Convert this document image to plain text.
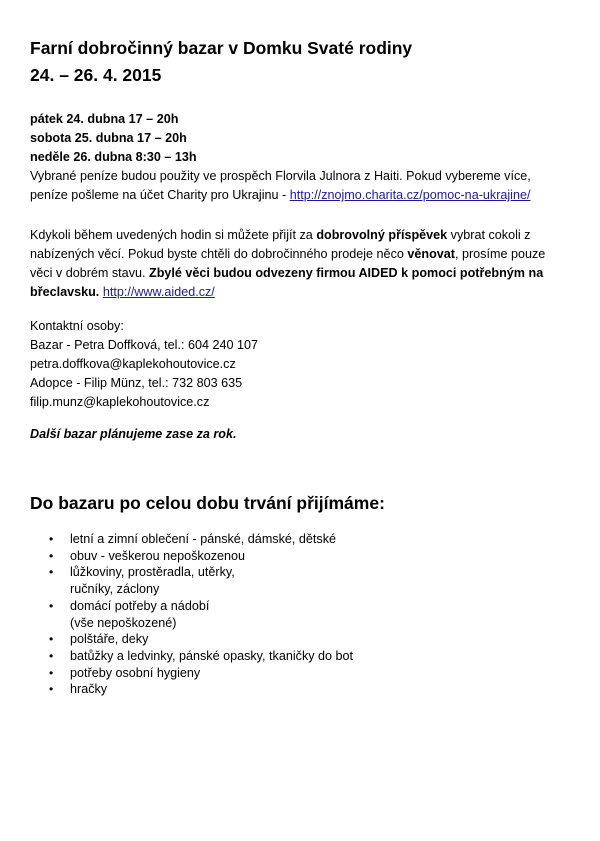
Farní dobročinný bazar v Domku Svaté rodiny
24. – 26. 4. 2015
pátek 24. dubna 17 – 20h
sobota 25. dubna 17 – 20h
neděle 26. dubna 8:30 – 13h

Vybrané peníze budou použity ve prospěch Florvila Julnora z Haiti. Pokud vybereme více, peníze pošleme na účet Charity pro Ukrajinu - http://znojmo.charita.cz/pomoc-na-ukrajine/

Kdykoli během uvedených hodin si můžete přijít za dobrovolný příspěvek vybrat cokoli z nabízených věcí. Pokud byste chtěli do dobročinného prodeje něco věnovat, prosíme pouze věci v dobrém stavu. Zbylé věci budou odvezeny firmou AIDED k pomoci potřebným na břeclavsku. http://www.aided.cz/

Kontaktní osoby:
Bazar - Petra Doffková, tel.: 604 240 107
petra.doffkova@kaplekohoutovice.cz
Adopce - Filip Münz, tel.: 732 803 635
filip.munz@kaplekohoutovice.cz

Další bazar plánujeme zase za rok.

Do bazaru po celou dobu trvání přijímáme:
• letní a zimní oblečení - pánské, dámské, dětské
• obuv - veškerou nepoškozenou
• lůžkoviny, prostěradla, utěrky,
ručníky, záclony
• domácí potřeby a nádobí
(vše nepoškozené)
• polštáře, deky
• batůžky a ledvinky, pánské opasky, tkaničky do bot
• potřeby osobní hygieny
• hračky
